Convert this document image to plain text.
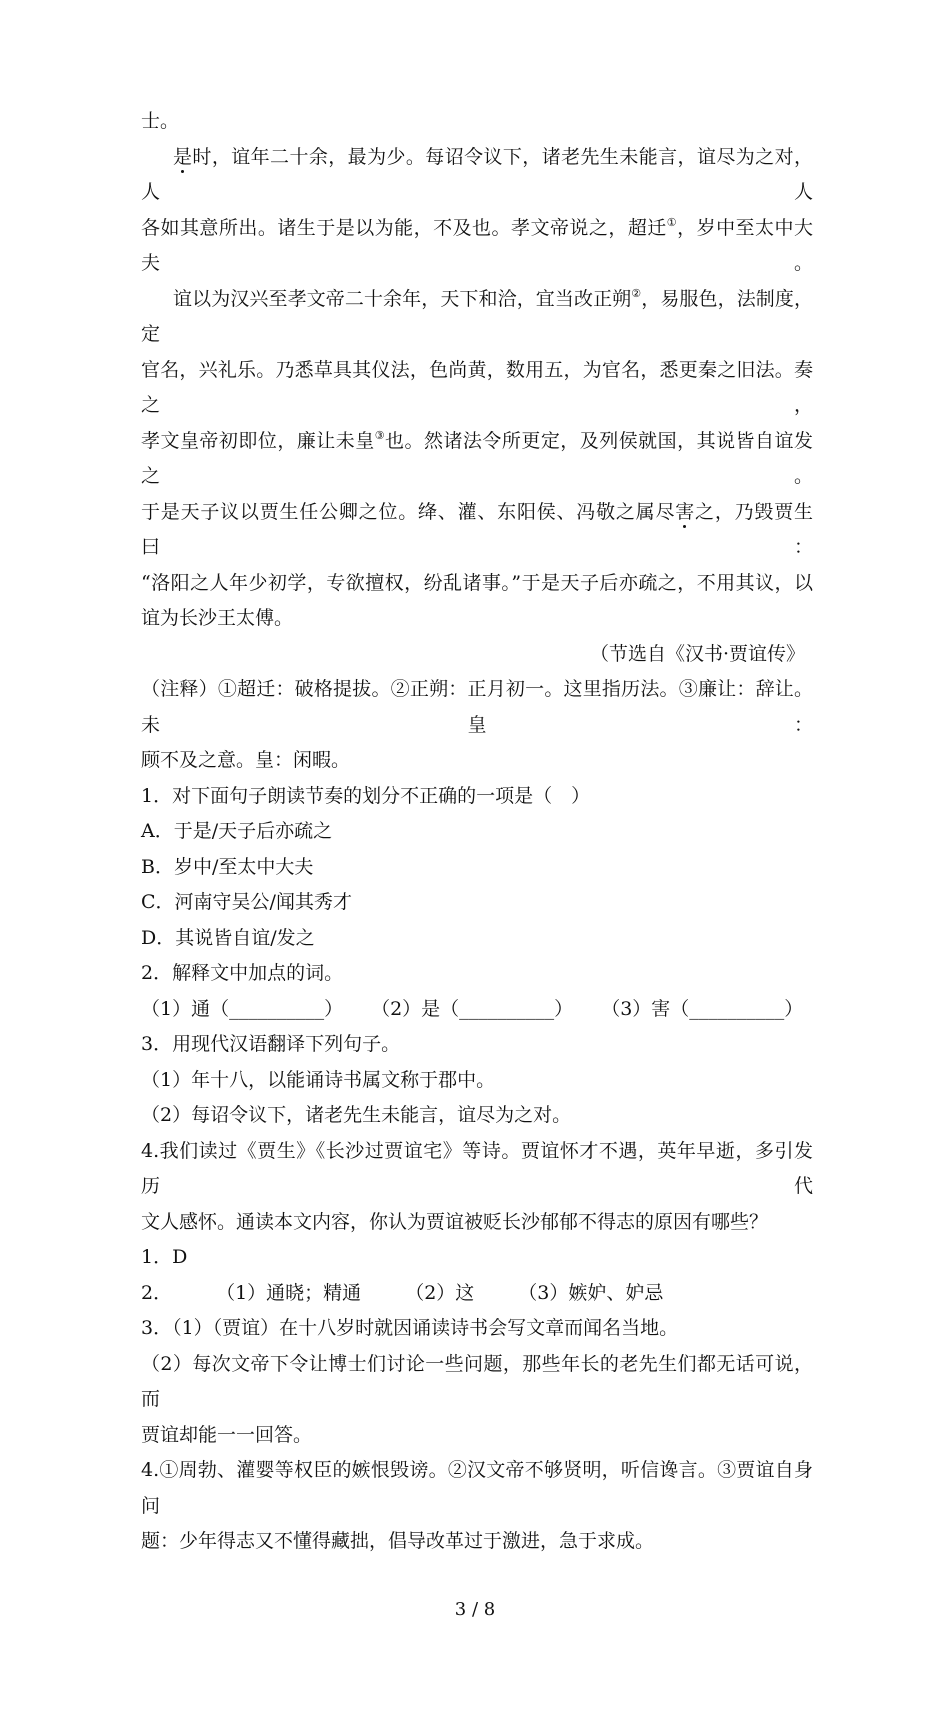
士。
是时，谊年二十余，最为少。每诏令议下，诸老先生未能言，谊尽为之对，人人
各如其意所出。诸生于是以为能，不及也。孝文帝说之，超迁①，岁中至太中大夫。
谊以为汉兴至孝文帝二十余年，天下和洽，宜当改正朔②，易服色，法制度，定
官名，兴礼乐。乃悉草具其仪法，色尚黄，数用五，为官名，悉更秦之旧法。奏之，
孝文皇帝初即位，廉让未皇③也。然诸法令所更定，及列侯就国，其说皆自谊发之。
于是天子议以贾生任公卿之位。绛、灌、东阳侯、冯敬之属尽害之，乃毁贾生曰：
“洛阳之人年少初学，专欲擅权，纷乱诸事。”于是天子后亦疏之，不用其议，以
谊为长沙王太傅。
（节选自《汉书·贾谊传》
（注释）①超迁：破格提拔。②正朔：正月初一。这里指历法。③廉让：辞让。未皇：
顾不及之意。皇：闲暇。
1．对下面句子朗读节奏的划分不正确的一项是（　）
A．于是/天子后亦疏之
B．岁中/至太中大夫
C．河南守吴公/闻其秀才
D．其说皆自谊/发之
2．解释文中加点的词。
（1）通（__________） （2）是（__________） （3）害（__________）
3．用现代汉语翻译下列句子。
（1）年十八，以能诵诗书属文称于郡中。
（2）每诏令议下，诸老先生未能言，谊尽为之对。
4.我们读过《贾生》《长沙过贾谊宅》等诗。贾谊怀才不遇，英年早逝，多引发历代
文人感怀。通读本文内容，你认为贾谊被贬长沙郁郁不得志的原因有哪些？
1．D
2． （1）通晓；精通 （2）这 （3）嫉妒、妒忌
3．（1）（贾谊）在十八岁时就因诵读诗书会写文章而闻名当地。
（2）每次文帝下令让博士们讨论一些问题，那些年长的老先生们都无话可说，而
贾谊却能一一回答。
4.①周勃、灌婴等权臣的嫉恨毁谤。②汉文帝不够贤明，听信谗言。③贾谊自身问
题：少年得志又不懂得藏拙，倡导改革过于激进，急于求成。
3 / 8
